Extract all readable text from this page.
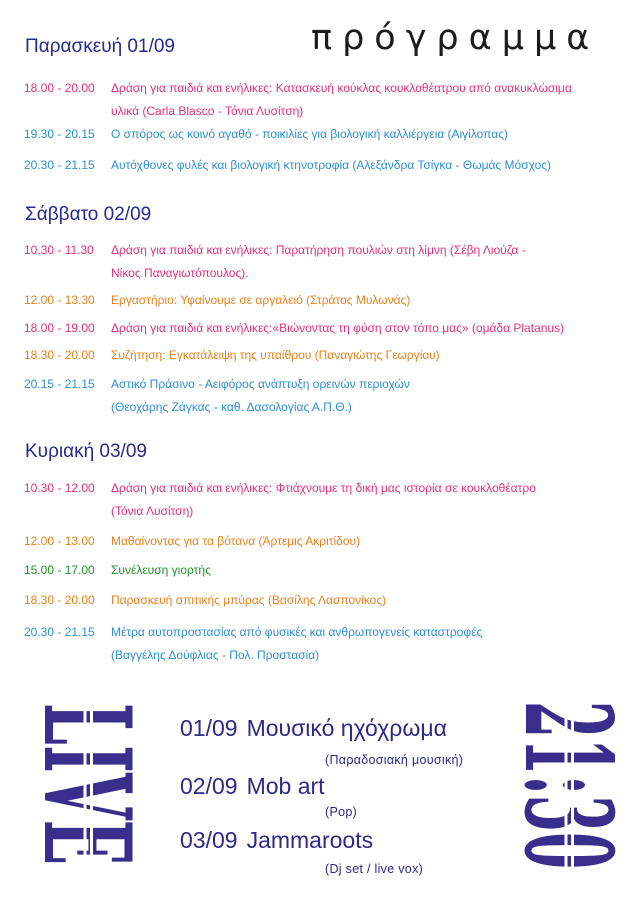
πρόγραμμα
Παρασκευή 01/09
18.00 - 20.00	Δράση για παιδιά και ενήλικες: Κατασκευή κούκλας κουκλοθέατρου από ανακυκλώσιμα
υλικά (Carla Blasco - Τόνια Λυσίτση)
19.30 - 20.15	Ο σπόρος ως κοινό αγαθό - ποικιλίες για βιολογική καλλιέργεια (Αιγίλοπας)
20.30 - 21.15	Αυτόχθονες φυλές και βιολογική κτηνοτροφία (Αλεξάνδρα Τσίγκα - Θωμάς Μόσχος)
Σάββατο 02/09
10.30 - 11.30	Δράση για παιδιά και ενήλικες: Παρατήρηση πουλιών στη λίμνη (Σέβη Λιούζα -
Νίκος Παναγιωτόπουλος).
12.00 - 13.30	Εργαστήριο: Υφαίνουμε σε αργαλειό (Στράτος Μυλωνάς)
18.00 - 19.00	Δράση για παιδιά και ενήλικες:«Βιώνοντας τη φύση στον τόπο μας» (ομάδα Platanus)
18.30 - 20.00	Συζήτηση: Εγκατάλειψη της υπαίθρου (Παναγιώτης Γεωργίου)
20.15 - 21.15	Αστικό Πράσινο - Αειφόρος ανάπτυξη ορεινών περιοχών
(Θεοχάρης Ζάγκας - καθ. Δασολογίας Α.Π.Θ.)
Κυριακή 03/09
10.30 - 12.00	Δράση για παιδιά και ενήλικες: Φτιάχνουμε τη δική μας ιστορία σε κουκλοθέατρο
(Τόνια Λυσίτση)
12.00 - 13.00	Μαθαίνοντας για τα βότανα (Άρτεμις Ακριτίδου)
15.00 - 17.00	Συνέλευση γιορτής
18.30 - 20.00	Παρασκευή σπιτικής μπύρας (Βασίλης Λασπονίκος)
20.30 - 21.15	Μέτρα αυτοπροστασίας από φυσικές και ανθρωπογενείς καταστροφές
(Βαγγέλης Δούφλιας - Πολ. Προστασία)
LIVE	21:30
01/09 Μουσικό ηχόχρωμα
(Παραδοσιακή μουσική)
02/09 Mob art
(Pop)
03/09 Jammaroots
(Dj set / live vox)
